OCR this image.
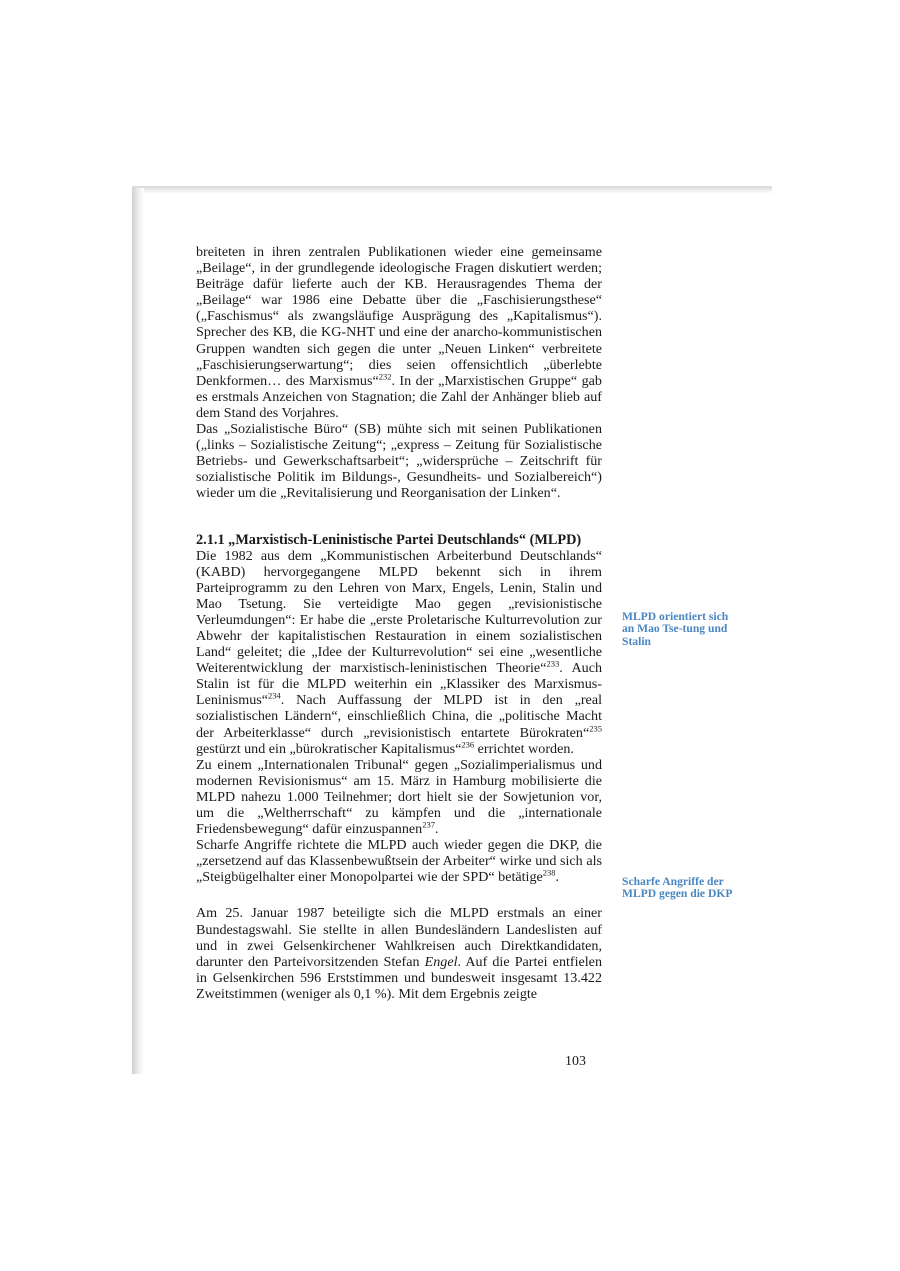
breiteten in ihren zentralen Publikationen wieder eine gemeinsame „Beilage“, in der grundlegende ideologische Fragen diskutiert werden; Beiträge dafür lieferte auch der KB. Herausragendes Thema der „Beilage“ war 1986 eine Debatte über die „Faschisierungsthese“ („Faschismus“ als zwangsläufige Ausprägung des „Kapitalismus“). Sprecher des KB, die KG-NHT und eine der anarcho-kommunistischen Gruppen wandten sich gegen die unter „Neuen Linken“ verbreitete „Faschisierungserwartung“; dies seien offensichtlich „überlebte Denkformen… des Marxismus“$^{232}$. In der „Marxistischen Gruppe“ gab es erstmals Anzeichen von Stagnation; die Zahl der Anhänger blieb auf dem Stand des Vorjahres.

Das „Sozialistische Büro“ (SB) mühte sich mit seinen Publikationen („links – Sozialistische Zeitung“; „express – Zeitung für Sozialistische Betriebs- und Gewerkschaftsarbeit“; „widersprüche – Zeitschrift für sozialistische Politik im Bildungs-, Gesundheits- und Sozialbereich“) wieder um die „Revitalisierung und Reorganisation der Linken“.

2.1.1 „Marxistisch-Leninistische Partei Deutschlands“ (MLPD)

Die 1982 aus dem „Kommunistischen Arbeiterbund Deutschlands“ (KABD) hervorgegangene MLPD bekennt sich in ihrem Parteiprogramm zu den Lehren von Marx, Engels, Lenin, Stalin und Mao Tsetung. Sie verteidigte Mao gegen „revisionistische Verleumdungen“: Er habe die „erste Proletarische Kulturrevolution zur Abwehr der kapitalistischen Restauration in einem sozialistischen Land“ geleitet; die „Idee der Kulturrevolution“ sei eine „wesentliche Weiterentwicklung der marxistisch-leninistischen Theorie“$^{233}$. Auch Stalin ist für die MLPD weiterhin ein „Klassiker des Marxismus-Leninismus“$^{234}$. Nach Auffassung der MLPD ist in den „real sozialistischen Ländern“, einschließlich China, die „politische Macht der Arbeiterklasse“ durch „revisionistisch entartete Bürokraten“$^{235}$ gestürzt und ein „bürokratischer Kapitalismus“$^{236}$ errichtet worden.

Zu einem „Internationalen Tribunal“ gegen „Sozialimperialismus und modernen Revisionismus“ am 15. März in Hamburg mobilisierte die MLPD nahezu 1.000 Teilnehmer; dort hielt sie der Sowjetunion vor, um die „Weltherrschaft“ zu kämpfen und die „internationale Friedensbewegung“ dafür einzuspannen$^{237}$.

Scharfe Angriffe richtete die MLPD auch wieder gegen die DKP, die „zersetzend auf das Klassenbewußtsein der Arbeiter“ wirke und sich als „Steigbügelhalter einer Monopolpartei wie der SPD“ betätige$^{238}$.

Am 25. Januar 1987 beteiligte sich die MLPD erstmals an einer Bundestagswahl. Sie stellte in allen Bundesländern Landeslisten auf und in zwei Gelsenkirchener Wahlkreisen auch Direktkandidaten, darunter den Parteivorsitzenden Stefan Engel. Auf die Partei entfielen in Gelsenkirchen 596 Erststimmen und bundesweit insgesamt 13.422 Zweitstimmen (weniger als 0,1 %). Mit dem Ergebnis zeigte

MLPD orientiert sich an Mao Tse-tung und Stalin

Scharfe Angriffe der MLPD gegen die DKP

103
